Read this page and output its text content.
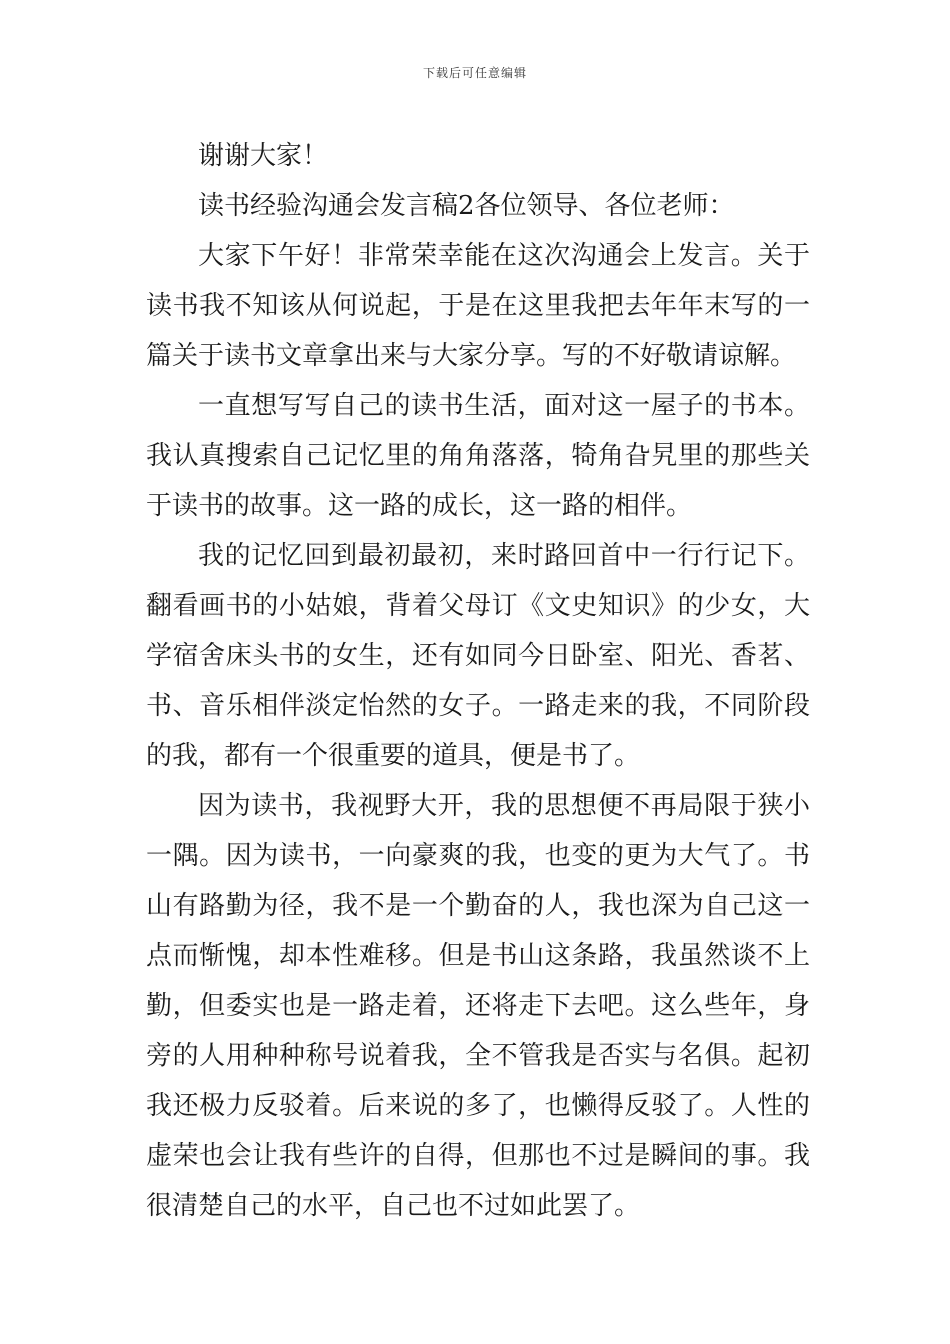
下载后可任意编辑

谢谢大家！

读书经验沟通会发言稿2各位领导、各位老师：

大家下午好！非常荣幸能在这次沟通会上发言。关于读书我不知该从何说起，于是在这里我把去年年末写的一篇关于读书文章拿出来与大家分享。写的不好敬请谅解。

一直想写写自己的读书生活，面对这一屋子的书本。我认真搜索自己记忆里的角角落落，犄角旮旯里的那些关于读书的故事。这一路的成长，这一路的相伴。

我的记忆回到最初最初，来时路回首中一行行记下。翻看画书的小姑娘，背着父母订《文史知识》的少女，大学宿舍床头书的女生，还有如同今日卧室、阳光、香茗、书、音乐相伴淡定怡然的女子。一路走来的我，不同阶段的我，都有一个很重要的道具，便是书了。

因为读书，我视野大开，我的思想便不再局限于狭小一隅。因为读书，一向豪爽的我，也变的更为大气了。书山有路勤为径，我不是一个勤奋的人，我也深为自己这一点而惭愧，却本性难移。但是书山这条路，我虽然谈不上勤，但委实也是一路走着，还将走下去吧。这么些年，身旁的人用种种称号说着我，全不管我是否实与名俱。起初我还极力反驳着。后来说的多了，也懒得反驳了。人性的虚荣也会让我有些许的自得，但那也不过是瞬间的事。我很清楚自己的水平，自己也不过如此罢了。
